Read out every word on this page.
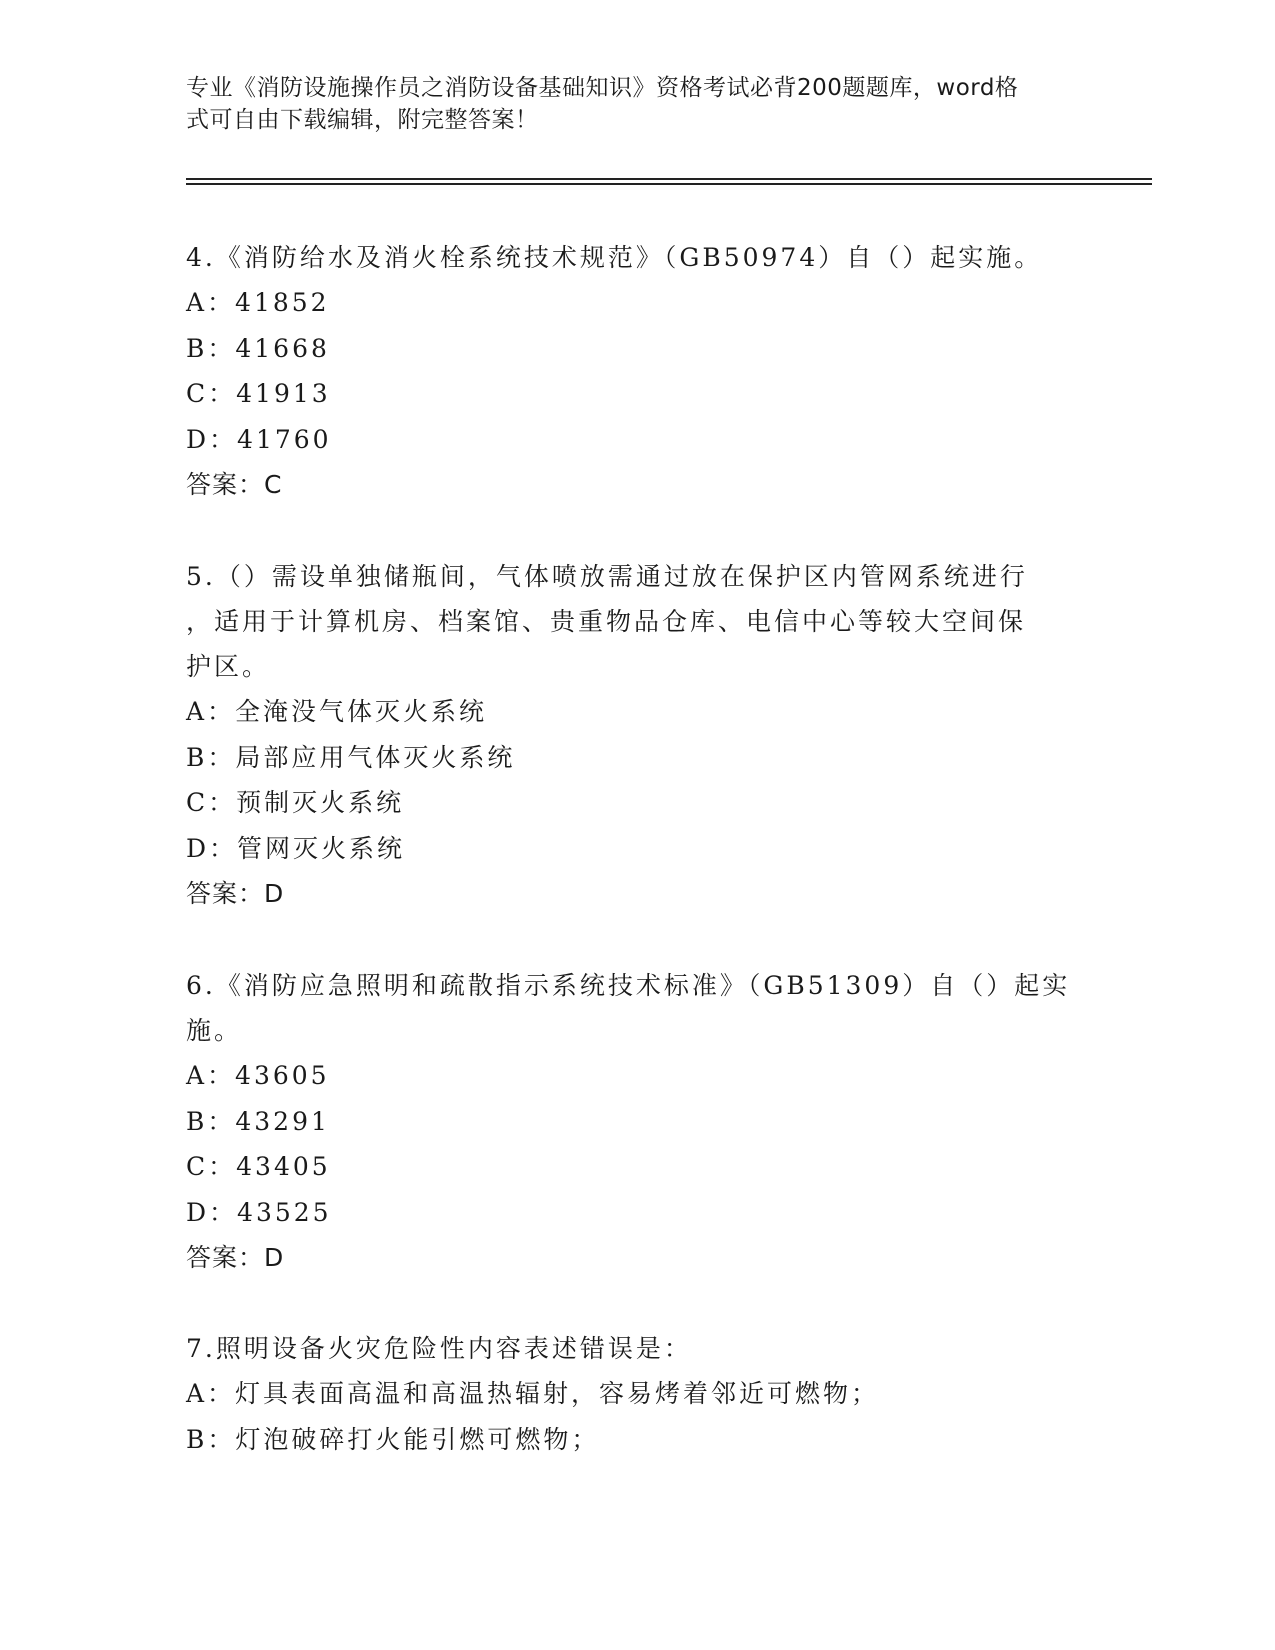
专业《消防设施操作员之消防设备基础知识》资格考试必背200题题库，word格

式可自由下载编辑，附完整答案！

4.《消防给水及消火栓系统技术规范》（GB50974）自（）起实施。
A：41852
B：41668
C：41913
D：41760
答案：C
5.（）需设单独储瓶间，气体喷放需通过放在保护区内管网系统进行
，适用于计算机房、档案馆、贵重物品仓库、电信中心等较大空间保
护区。
A：全淹没气体灭火系统
B：局部应用气体灭火系统
C：预制灭火系统
D：管网灭火系统
答案：D
6.《消防应急照明和疏散指示系统技术标准》（GB51309）自（）起实
施。
A：43605
B：43291
C：43405
D：43525
答案：D
7.照明设备火灾危险性内容表述错误是：
A：灯具表面高温和高温热辐射，容易烤着邻近可燃物；
B：灯泡破碎打火能引燃可燃物；
